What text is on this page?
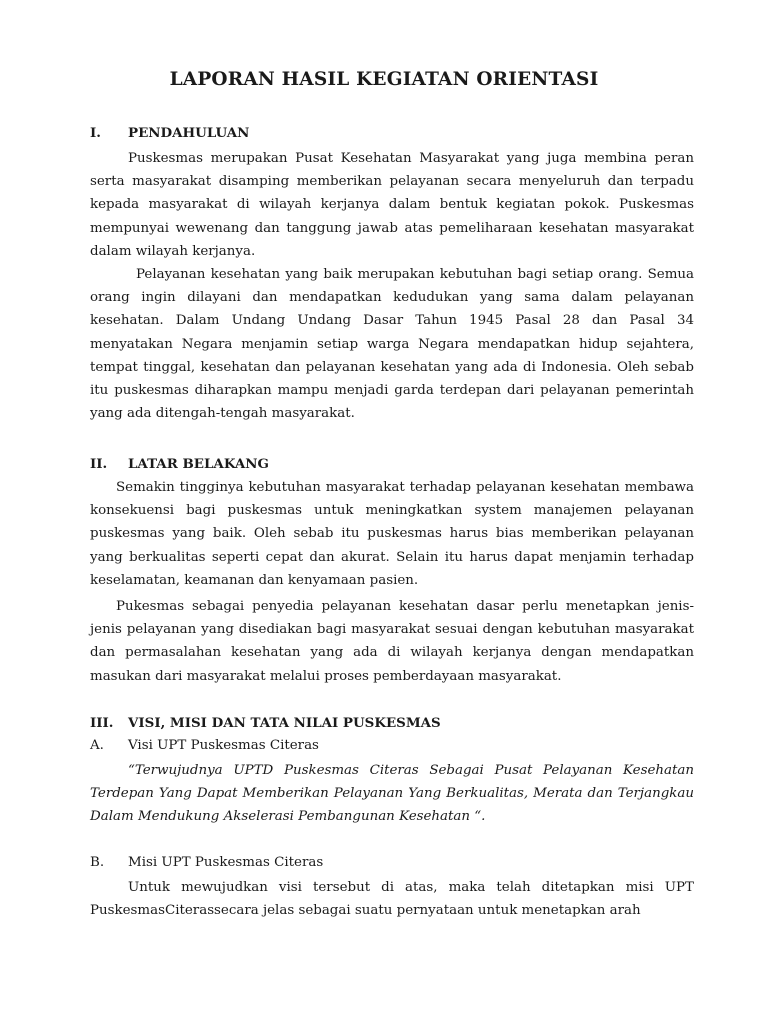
LAPORAN HASIL KEGIATAN ORIENTASI
I. PENDAHULUAN

Puskesmas merupakan Pusat Kesehatan Masyarakat yang juga membina peran serta masyarakat disamping memberikan pelayanan secara menyeluruh dan terpadu kepada masyarakat di wilayah kerjanya dalam bentuk kegiatan pokok. Puskesmas mempunyai wewenang dan tanggung jawab atas pemeliharaan kesehatan masyarakat dalam wilayah kerjanya.

Pelayanan kesehatan yang baik merupakan kebutuhan bagi setiap orang. Semua orang ingin dilayani dan mendapatkan kedudukan yang sama dalam pelayanan kesehatan. Dalam Undang Undang Dasar Tahun 1945 Pasal 28 dan Pasal 34 menyatakan Negara menjamin setiap warga Negara mendapatkan hidup sejahtera, tempat tinggal, kesehatan dan pelayanan kesehatan yang ada di Indonesia. Oleh sebab itu puskesmas diharapkan mampu menjadi garda terdepan dari pelayanan pemerintah yang ada ditengah-tengah masyarakat.

II. LATAR BELAKANG

Semakin tingginya kebutuhan masyarakat terhadap pelayanan kesehatan membawa konsekuensi bagi puskesmas untuk meningkatkan system manajemen pelayanan puskesmas yang baik. Oleh sebab itu puskesmas harus bias memberikan pelayanan yang berkualitas seperti cepat dan akurat. Selain itu harus dapat menjamin terhadap keselamatan, keamanan dan kenyamaan pasien.

Pukesmas sebagai penyedia pelayanan kesehatan dasar perlu menetapkan jenis-jenis pelayanan yang disediakan bagi masyarakat sesuai dengan kebutuhan masyarakat dan permasalahan kesehatan yang ada di wilayah kerjanya dengan mendapatkan masukan dari masyarakat melalui proses pemberdayaan masyarakat.

III. VISI, MISI DAN TATA NILAI PUSKESMAS
A. Visi UPT Puskesmas Citeras

“Terwujudnya UPTD Puskesmas Citeras Sebagai Pusat Pelayanan Kesehatan Terdepan Yang Dapat Memberikan Pelayanan Yang Berkualitas, Merata dan Terjangkau Dalam Mendukung Akselerasi Pembangunan Kesehatan “.

B. Misi UPT Puskesmas Citeras

Untuk mewujudkan visi tersebut di atas, maka telah ditetapkan misi UPT PuskesmasCiterassecara jelas sebagai suatu pernyataan untuk menetapkan arah
